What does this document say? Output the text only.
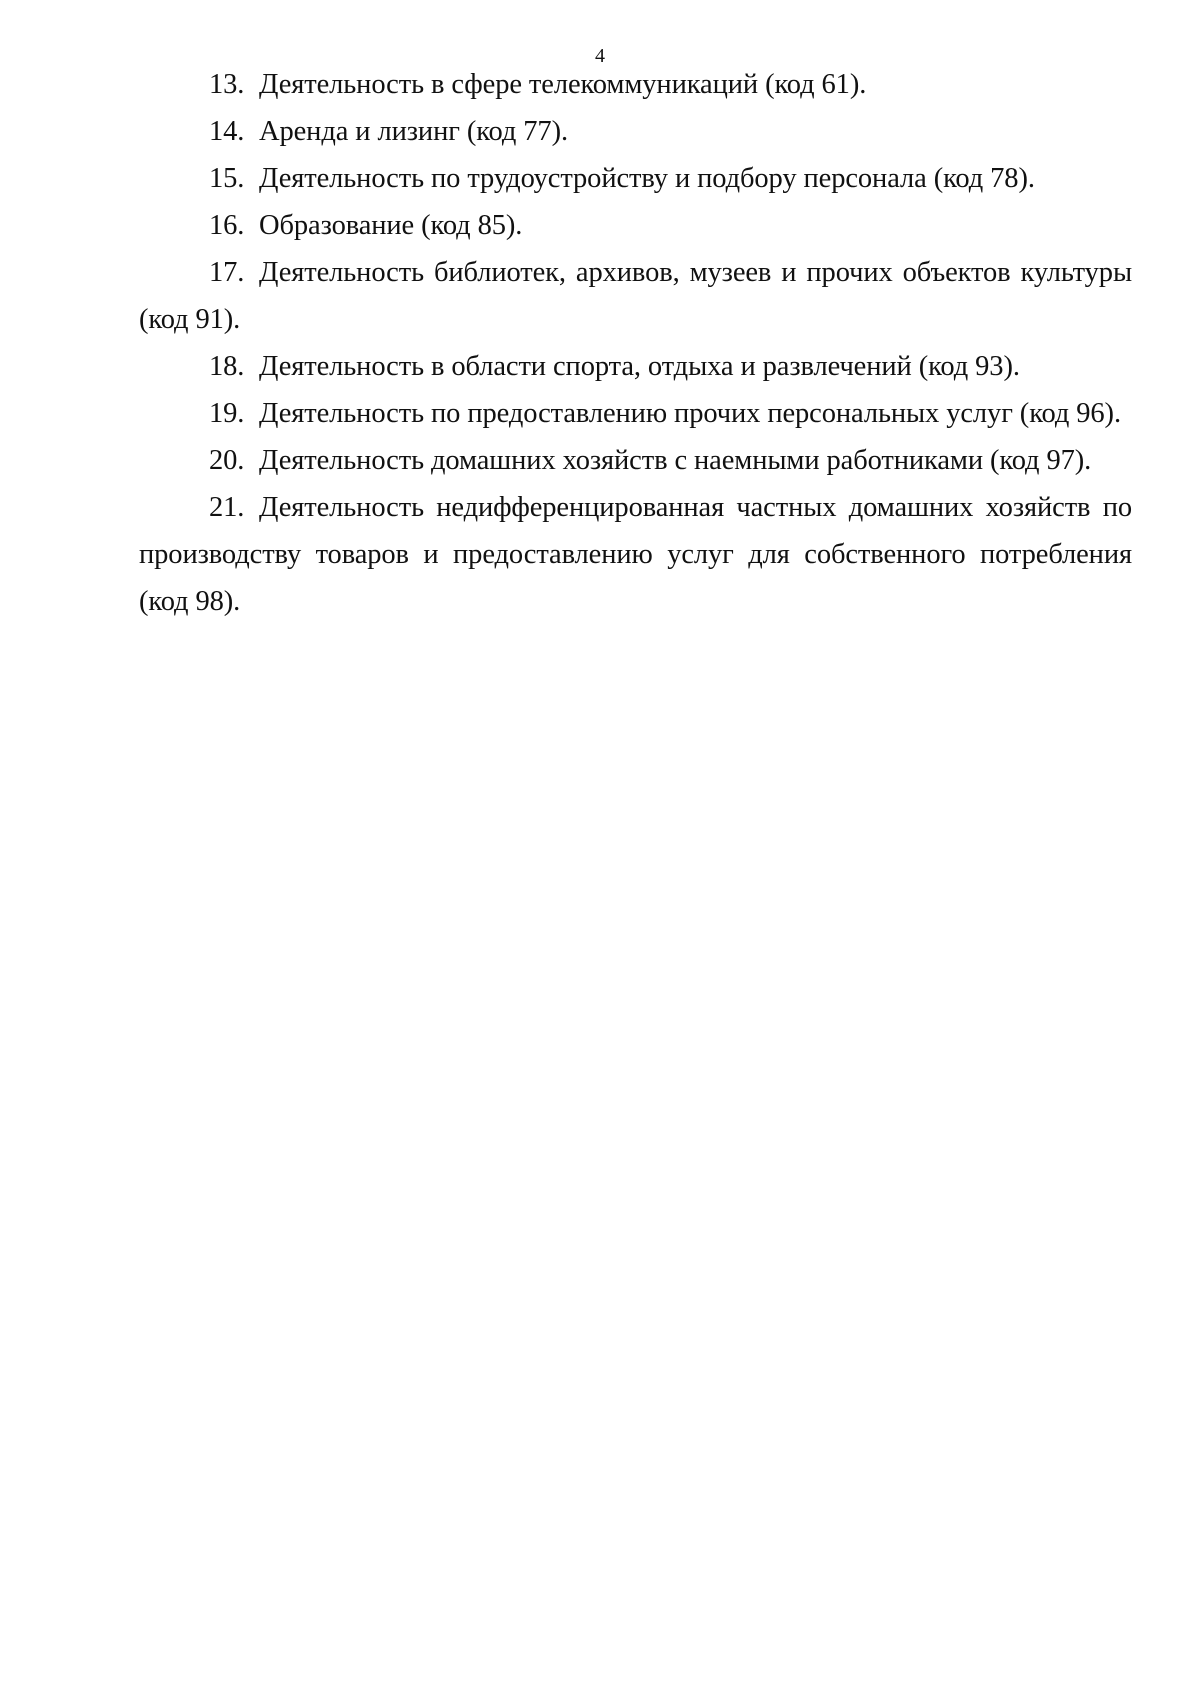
4

13. Деятельность в сфере телекоммуникаций (код 61).

14. Аренда и лизинг (код 77).

15. Деятельность по трудоустройству и подбору персонала (код 78).

16. Образование (код 85).

17. Деятельность библиотек, архивов, музеев и прочих объектов культуры (код 91).

18. Деятельность в области спорта, отдыха и развлечений (код 93).

19. Деятельность по предоставлению прочих персональных услуг (код 96).

20. Деятельность домашних хозяйств с наемными работниками (код 97).

21. Деятельность недифференцированная частных домашних хозяйств по производству товаров и предоставлению услуг для собственного потребления (код 98).
